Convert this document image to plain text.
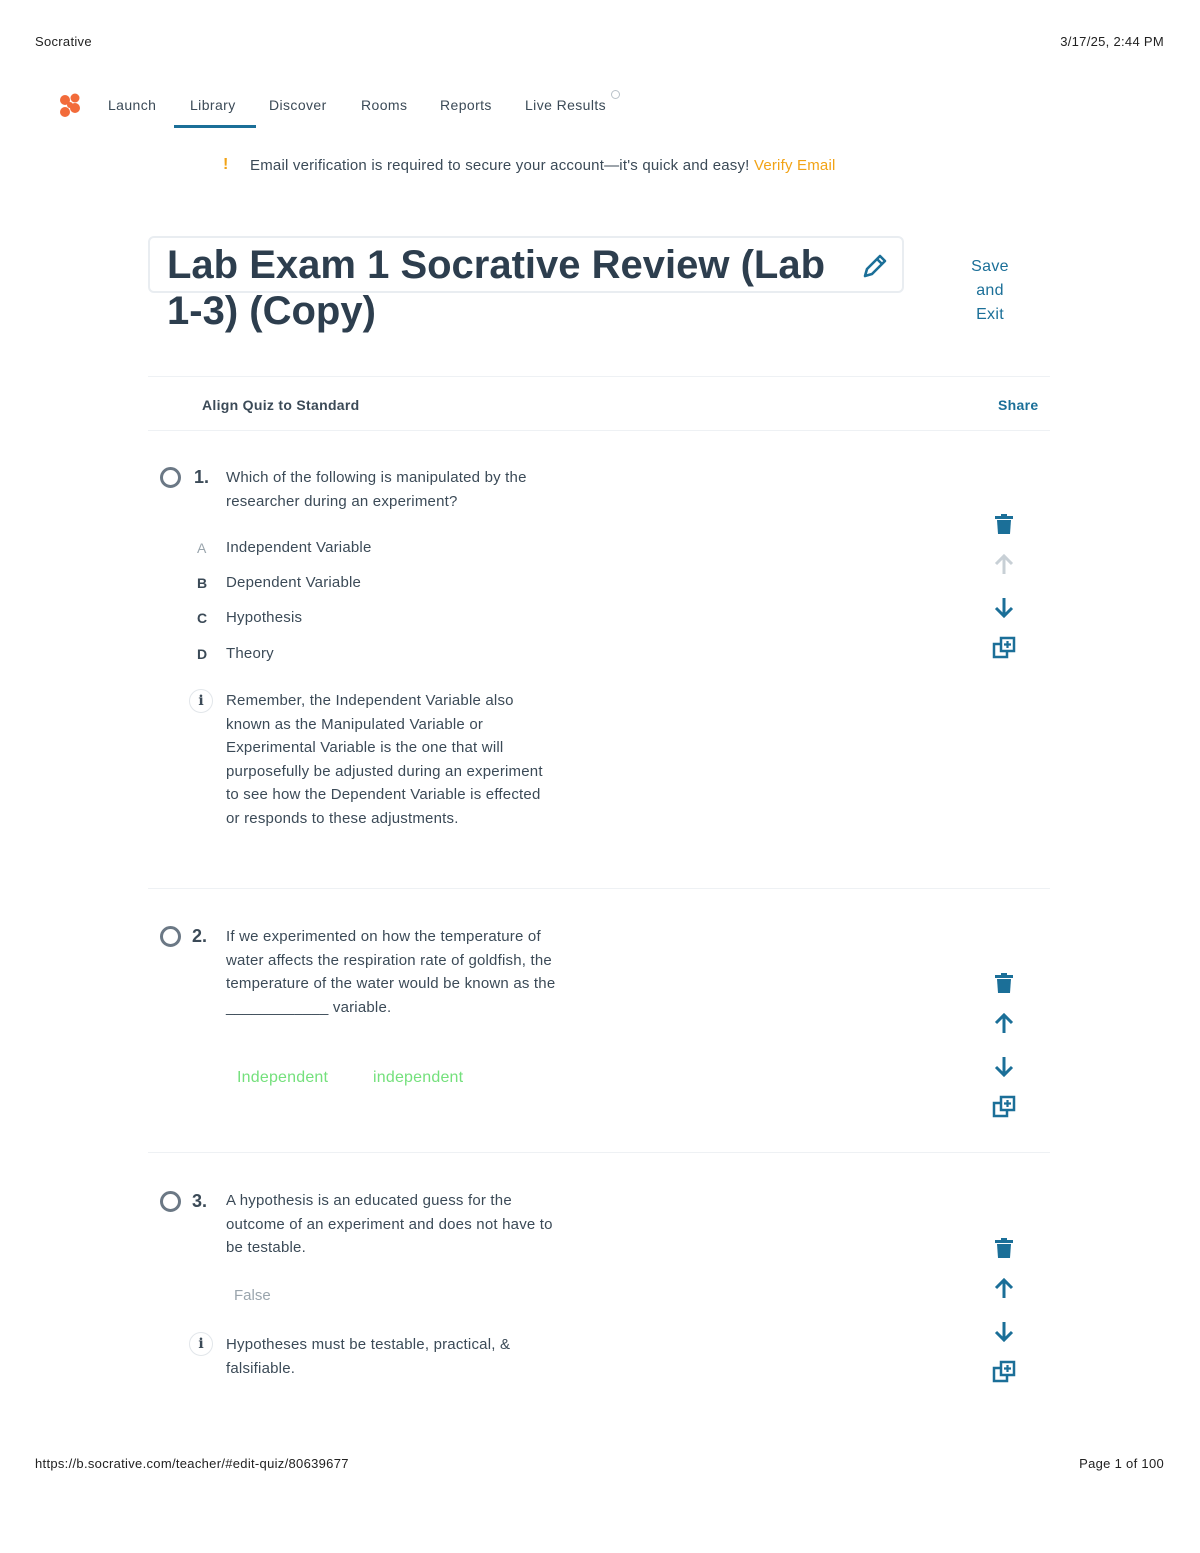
Socrative	3/17/25, 2:44 PM
Launch Library Discover Rooms Reports Live Results
! Email verification is required to secure your account—it's quick and easy! Verify Email
Lab Exam 1 Socrative Review (Lab 1-3) (Copy)
Save
and
Exit
Align Quiz to Standard	Share
1. Which of the following is manipulated by the researcher during an experiment?
A Independent Variable
B Dependent Variable
C Hypothesis
D Theory
i	Remember, the Independent Variable also known as the Manipulated Variable or Experimental Variable is the one that will purposefully be adjusted during an experiment to see how the Dependent Variable is effected or responds to these adjustments.
2. If we experimented on how the temperature of water affects the respiration rate of goldfish, the temperature of the water would be known as the ____________ variable.
Independent	independent
3. A hypothesis is an educated guess for the outcome of an experiment and does not have to be testable.
False
i	Hypotheses must be testable, practical, & falsifiable.
https://b.socrative.com/teacher/#edit-quiz/80639677	Page 1 of 100
